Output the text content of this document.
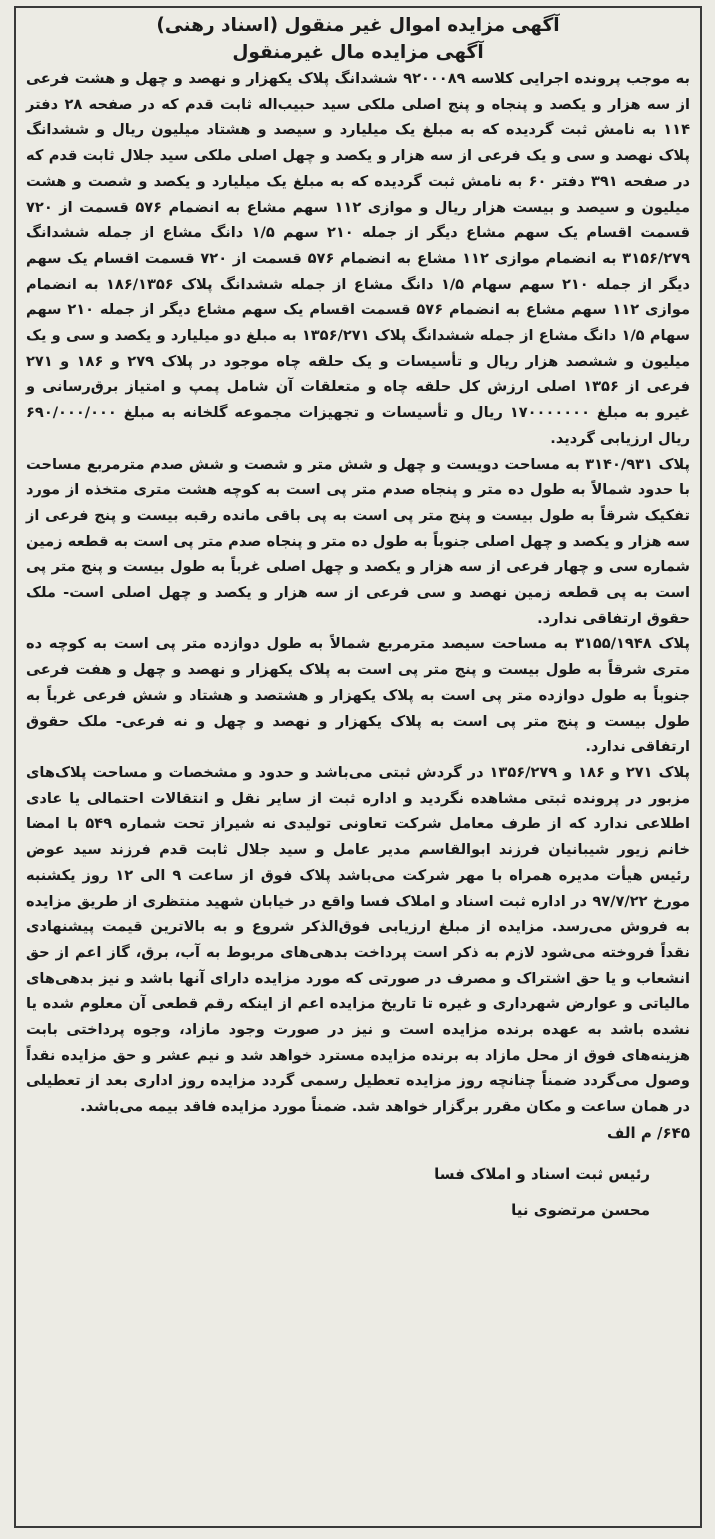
آگهی مزایده اموال غیر منقول (اسناد رهنی)
آگهی مزایده مال غیرمنقول

به موجب پرونده اجرایی کلاسه ۹۲۰۰۰۸۹ ششدانگ پلاک یکهزار و نهصد و چهل و هشت فرعی از سه هزار و یکصد و پنجاه و پنج اصلی ملکی سید حبیب‌اله ثابت قدم که در صفحه ۲۸ دفتر ۱۱۴ به نامش ثبت گردیده که به مبلغ یک میلیارد و سیصد و هشتاد میلیون ریال و ششدانگ پلاک نهصد و سی و یک فرعی از سه هزار و یکصد و چهل اصلی ملکی سید جلال ثابت قدم که در صفحه ۳۹۱ دفتر ۶۰ به نامش ثبت گردیده که به مبلغ یک میلیارد و یکصد و شصت و هشت میلیون و سیصد و بیست هزار ریال و موازی ۱۱۲ سهم مشاع به انضمام ۵۷۶ قسمت از ۷۲۰ قسمت اقسام یک سهم مشاع دیگر از جمله ۲۱۰ سهم ۱/۵ دانگ مشاع از جمله ششدانگ ۳۱۵۶/۲۷۹ به انضمام موازی ۱۱۲ مشاع به انضمام ۵۷۶ قسمت از ۷۲۰ قسمت اقسام یک سهم دیگر از جمله ۲۱۰ سهم سهام ۱/۵ دانگ مشاع از جمله ششدانگ پلاک ۱۸۶/۱۳۵۶ به انضمام موازی ۱۱۲ سهم مشاع به انضمام ۵۷۶ قسمت اقسام یک سهم مشاع دیگر از جمله ۲۱۰ سهم سهام ۱/۵ دانگ مشاع از جمله ششدانگ پلاک ۱۳۵۶/۲۷۱ به مبلغ دو میلیارد و یکصد و سی و یک میلیون و ششصد هزار ریال و تأسیسات و یک حلقه چاه موجود در پلاک ۲۷۹ و ۱۸۶ و ۲۷۱ فرعی از ۱۳۵۶ اصلی ارزش کل حلقه چاه و متعلقات آن شامل پمپ و امتیاز برق‌رسانی و غیرو به مبلغ ۱۷۰۰۰۰۰۰۰ ریال و تأسیسات و تجهیزات مجموعه گلخانه به مبلغ ۶۹۰/۰۰۰/۰۰۰ ریال ارزیابی گردید.

پلاک ۳۱۴۰/۹۳۱ به مساحت دویست و چهل و شش متر و شصت و شش صدم مترمربع مساحت با حدود شمالاً به طول ده متر و پنجاه صدم متر پی است به کوچه هشت متری متخذه از مورد تفکیک شرقاً به طول بیست و پنج متر پی است به پی باقی مانده رقبه بیست و پنج فرعی از سه هزار و یکصد و چهل اصلی جنوباً به طول ده متر و پنجاه صدم متر پی است به قطعه زمین شماره سی و چهار فرعی از سه هزار و یکصد و چهل اصلی غرباً به طول بیست و پنج متر پی است به پی قطعه زمین نهصد و سی فرعی از سه هزار و یکصد و چهل اصلی است- ملک حقوق ارتفاقی ندارد.

پلاک ۳۱۵۵/۱۹۴۸ به مساحت سیصد مترمربع شمالاً به طول دوازده متر پی است به کوچه ده متری شرقاً به طول بیست و پنج متر پی است به پلاک یکهزار و نهصد و چهل و هفت فرعی جنوباً به طول دوازده متر پی است به پلاک یکهزار و هشتصد و هشتاد و شش فرعی غرباً به طول بیست و پنج متر پی است به پلاک یکهزار و نهصد و چهل و نه فرعی- ملک حقوق ارتفاقی ندارد.

پلاک ۲۷۱ و ۱۸۶ و ۱۳۵۶/۲۷۹ در گردش ثبتی می‌باشد و حدود و مشخصات و مساحت پلاک‌های مزبور در پرونده ثبتی مشاهده نگردید و اداره ثبت از سایر نقل و انتقالات احتمالی یا عادی اطلاعی ندارد که از طرف معامل شرکت تعاونی تولیدی نه شیراز تحت شماره ۵۴۹ با امضا خانم زیور شیبانیان فرزند ابوالقاسم مدیر عامل و سید جلال ثابت قدم فرزند سید عوض رئیس هیأت مدیره همراه با مهر شرکت می‌باشد پلاک فوق از ساعت ۹ الی ۱۲ روز یکشنبه مورخ ۹۷/۷/۲۲ در اداره ثبت اسناد و املاک فسا واقع در خیابان شهید منتظری از طریق مزایده به فروش می‌رسد. مزایده از مبلغ ارزیابی فوق‌الذکر شروع و به بالاترین قیمت پیشنهادی نقداً فروخته می‌شود لازم به ذکر است پرداخت بدهی‌های مربوط به آب، برق، گاز اعم از حق انشعاب و یا حق اشتراک و مصرف در صورتی که مورد مزایده دارای آنها باشد و نیز بدهی‌های مالیاتی و عوارض شهرداری و غیره تا تاریخ مزایده اعم از اینکه رقم قطعی آن معلوم شده یا نشده باشد به عهده برنده مزایده است و نیز در صورت وجود مازاد، وجوه پرداختی بابت هزینه‌های فوق از محل مازاد به برنده مزایده مسترد خواهد شد و نیم عشر و حق مزایده نقداً وصول می‌گردد ضمناً چنانچه روز مزایده تعطیل رسمی گردد مزایده روز اداری بعد از تعطیلی در همان ساعت و مکان مقرر برگزار خواهد شد. ضمناً مورد مزایده فاقد بیمه می‌باشد.

۶۴۵/ م الف

رئیس ثبت اسناد و املاک فسا

محسن مرتضوی نیا
